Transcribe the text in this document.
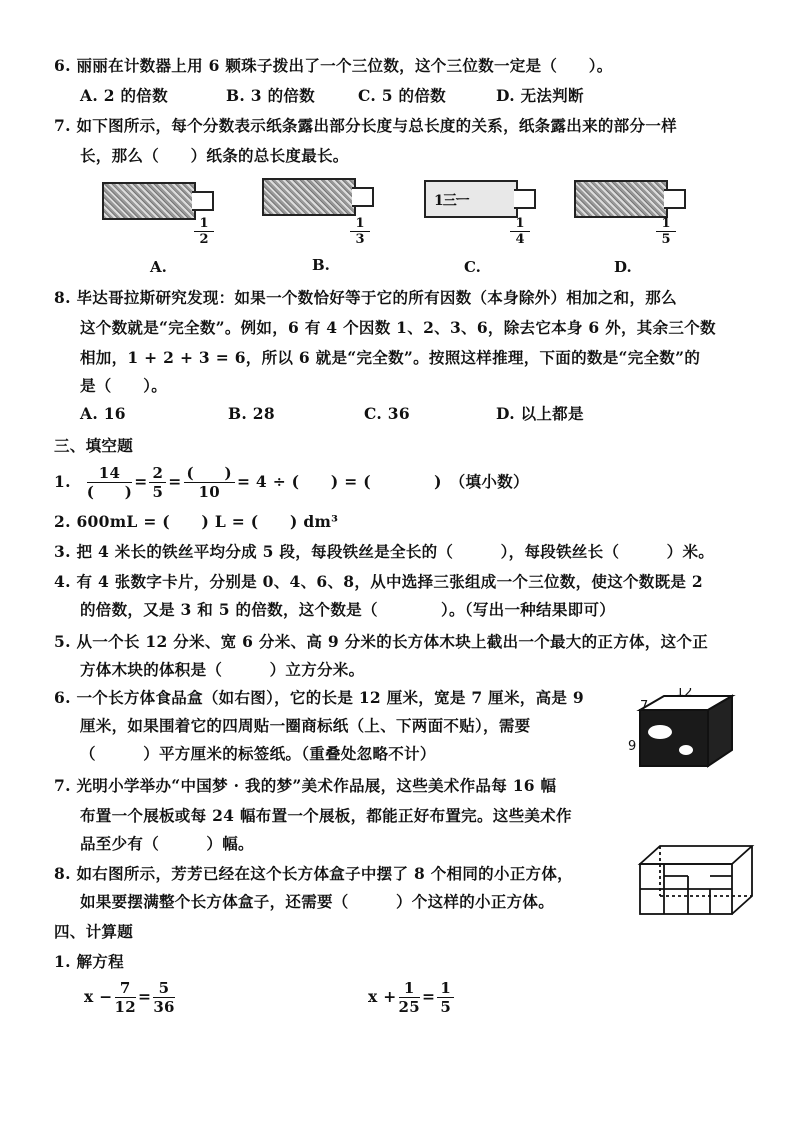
6. 丽丽在计数器上用 6 颗珠子拨出了一个三位数，这个三位数一定是（　　）。
A. 2 的倍数	B. 3 的倍数	C. 5 的倍数	D. 无法判断
7. 如下图所示，每个分数表示纸条露出部分长度与总长度的关系，纸条露出来的部分一样
长，那么（　　）纸条的总长度最长。
1
2
A.
1
3
B.
1三ㅡ
1
4
C.
1
5
D.
8. 毕达哥拉斯研究发现：如果一个数恰好等于它的所有因数（本身除外）相加之和，那么
这个数就是“完全数”。例如，6 有 4 个因数 1、2、3、6，除去它本身 6 外，其余三个数
相加，1 + 2 + 3 = 6，所以 6 就是“完全数”。按照这样推理，下面的数是“完全数”的
是（　　）。
A. 16	B. 28	C. 36	D. 以上都是
三、填空题
1. $\frac{14}{( )} = \frac{2}{5} = \frac{( )}{10} = 4$ ÷ (　　) = (　　　　)　（填小数）
2. 600mL = (　　) L = (　　) dm³
3. 把 4 米长的铁丝平均分成 5 段，每段铁丝是全长的（　　　），每段铁丝长（　　　）米。
4. 有 4 张数字卡片，分别是 0、4、6、8，从中选择三张组成一个三位数，使这个数既是 2
的倍数，又是 3 和 5 的倍数，这个数是（　　　　）。（写出一种结果即可）
5. 从一个长 12 分米、宽 6 分米、高 9 分米的长方体木块上截出一个最大的正方体，这个正
方体木块的体积是（　　　）立方分米。
6. 一个长方体食品盒（如右图），它的长是 12 厘米，宽是 7 厘米，高是 9
厘米，如果围着它的四周贴一圈商标纸（上、下两面不贴），需要
（　　　）平方厘米的标签纸。（重叠处忽略不计）
12
7
9
7. 光明小学举办“中国梦 · 我的梦”美术作品展，这些美术作品每 16 幅
布置一个展板或每 24 幅布置一个展板，都能正好布置完。这些美术作
品至少有（　　　）幅。
8. 如右图所示，芳芳已经在这个长方体盒子中摆了 8 个相同的小正方体，
如果要摆满整个长方体盒子，还需要（　　　）个这样的小正方体。
四、计算题
1. 解方程
$x - \frac{7}{12} = \frac{5}{36}$	$x + \frac{1}{25} = \frac{1}{5}$
